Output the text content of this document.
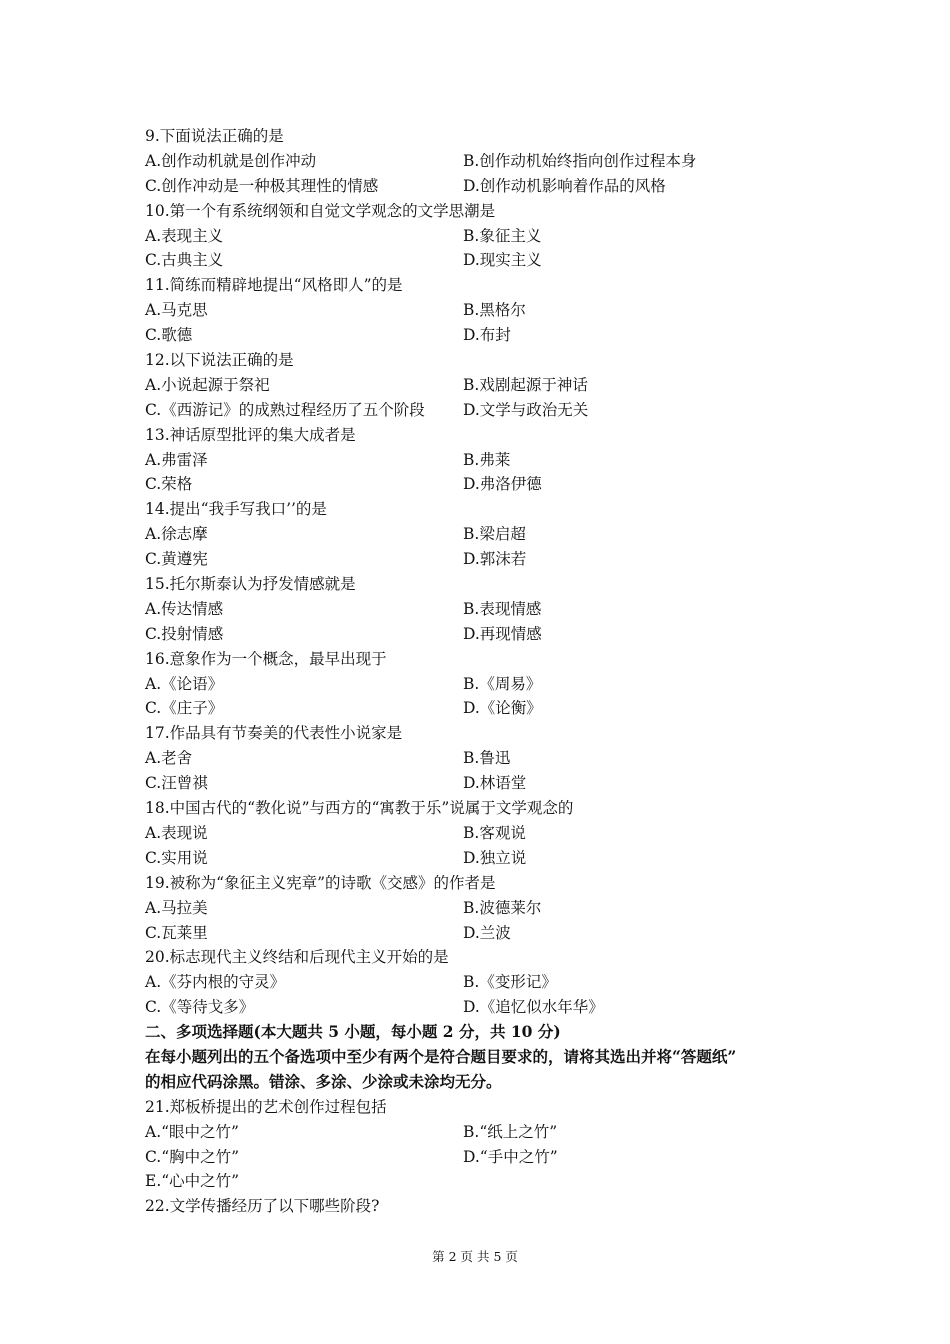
9.下面说法正确的是
A.创作动机就是创作冲动	B.创作动机始终指向创作过程本身
C.创作冲动是一种极其理性的情感	D.创作动机影响着作品的风格
10.第一个有系统纲领和自觉文学观念的文学思潮是
A.表现主义	B.象征主义
C.古典主义	D.现实主义
11.简练而精辟地提出“风格即人”的是
A.马克思	B.黑格尔
C.歌德	D.布封
12.以下说法正确的是
A.小说起源于祭祀	B.戏剧起源于神话
C.《西游记》的成熟过程经历了五个阶段	D.文学与政治无关
13.神话原型批评的集大成者是
A.弗雷泽	B.弗莱
C.荣格	D.弗洛伊德
14.提出“我手写我口’’的是
A.徐志摩	B.梁启超
C.黄遵宪	D.郭沫若
15.托尔斯泰认为抒发情感就是
A.传达情感	B.表现情感
C.投射情感	D.再现情感
16.意象作为一个概念，最早出现于
A.《论语》	B.《周易》
C.《庄子》	D.《论衡》
17.作品具有节奏美的代表性小说家是
A.老舍	B.鲁迅
C.汪曾祺	D.林语堂
18.中国古代的“教化说”与西方的“寓教于乐”说属于文学观念的
A.表现说	B.客观说
C.实用说	D.独立说
19.被称为“象征主义宪章”的诗歌《交感》的作者是
A.马拉美	B.波德莱尔
C.瓦莱里	D.兰波
20.标志现代主义终结和后现代主义开始的是
A.《芬内根的守灵》	B.《变形记》
C.《等待戈多》	D.《追忆似水年华》
二、多项选择题(本大题共 5 小题，每小题 2 分，共 10 分)
在每小题列出的五个备选项中至少有两个是符合题目要求的，请将其选出并将“答题纸”
的相应代码涂黑。错涂、多涂、少涂或未涂均无分。
21.郑板桥提出的艺术创作过程包括
A.“眼中之竹”	B.“纸上之竹”
C.“胸中之竹”	D.“手中之竹”
E.“心中之竹”
22.文学传播经历了以下哪些阶段?
第 2 页 共 5 页
